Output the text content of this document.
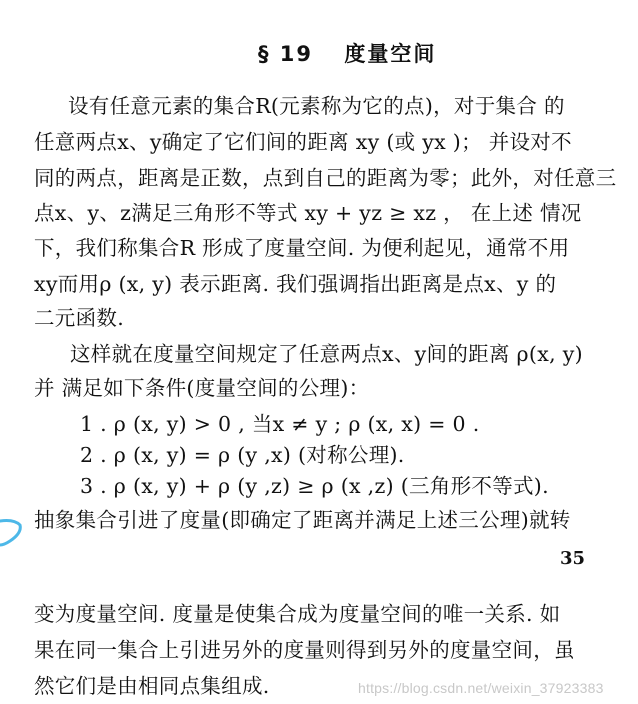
§ 19 度量空间
设有任意元素的集合R(元素称为它的点)，对于集合 的
任意两点x、y确定了它们间的距离 xy (或 yx )； 并设对不
同的两点，距离是正数，点到自己的距离为零；此外，对任意三
点x、y、z满足三角形不等式 xy + yz ≥ xz ， 在上述 情况
下，我们称集合R 形成了度量空间. 为便利起见，通常不用
xy而用ρ (x, y) 表示距离. 我们强调指出距离是点x、y 的
二元函数.
这样就在度量空间规定了任意两点x、y间的距离 ρ(x, y)
并 满足如下条件(度量空间的公理)：
1 . ρ (x, y) > 0 , 当x ≠ y ; ρ (x, x) = 0 .
2 . ρ (x, y) = ρ (y ,x) (对称公理).
3 . ρ (x, y) + ρ (y ,z) ≥ ρ (x ,z) (三角形不等式).
抽象集合引进了度量(即确定了距离并满足上述三公理)就转
35
变为度量空间. 度量是使集合成为度量空间的唯一关系. 如
果在同一集合上引进另外的度量则得到另外的度量空间，虽
然它们是由相同点集组成.	https://blog.csdn.net/weixin_37923383
